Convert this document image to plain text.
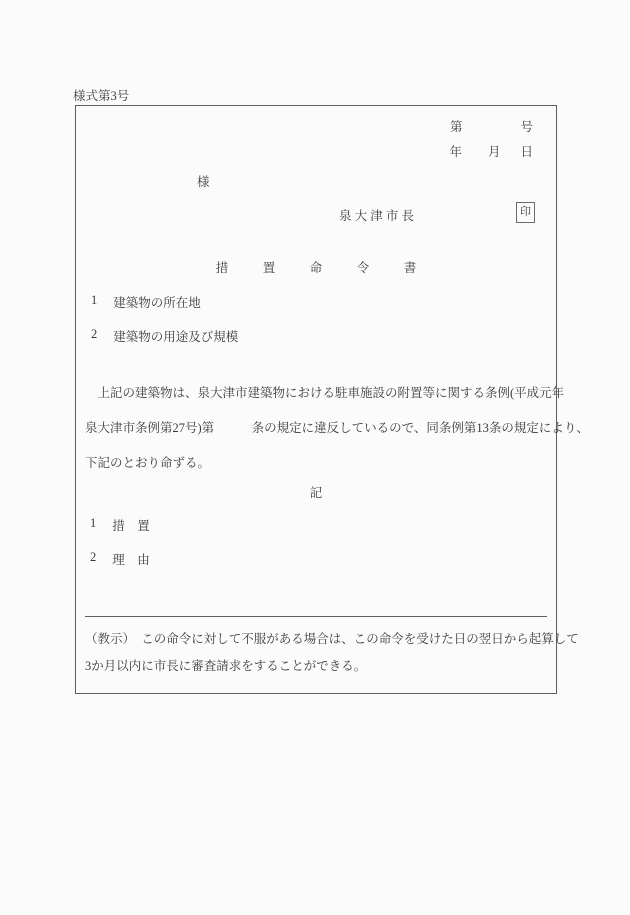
様式第3号
第	号
年 月 日
様
泉 大 津 市 長	印
措　置　命　令　書
1 建築物の所在地
2 建築物の用途及び規模
　上記の建築物は、泉大津市建築物における駐車施設の附置等に関する条例(平成元年
泉大津市条例第27号)第　　　条の規定に違反しているので、同条例第13条の規定により、
下記のとおり命ずる。
記
1 措　置
2 理　由
（教示）　この命令に対して不服がある場合は、この命令を受けた日の翌日から起算して
3か月以内に市長に審査請求をすることができる。
